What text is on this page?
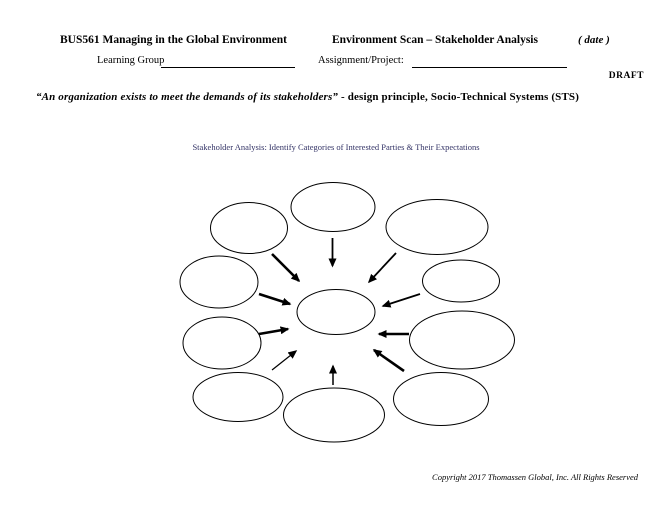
BUS561 Managing in the Global Environment	Environment Scan – Stakeholder Analysis	( date )
Learning Group	Assignment/Project:
DRAFT
“An organization exists to meet the demands of its stakeholders” - design principle, Socio-Technical Systems (STS)
Stakeholder Analysis: Identify Categories of Interested Parties & Their Expectations
Copyright 2017 Thomassen Global, Inc. All Rights Reserved
